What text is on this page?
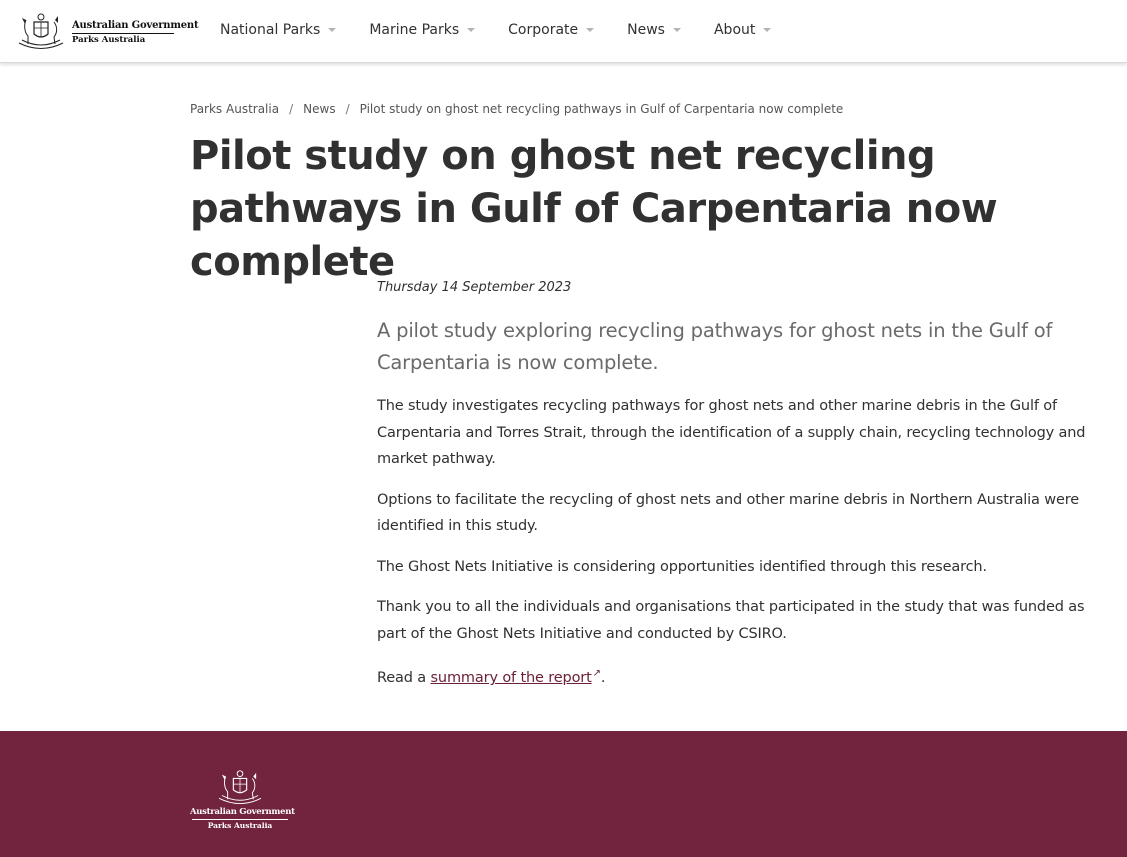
Australian Government
Parks Australia
National Parks	Marine Parks	Corporate	News	About
Parks Australia / News / Pilot study on ghost net recycling pathways in Gulf of Carpentaria now complete
Pilot study on ghost net recycling pathways in Gulf of Carpentaria now complete

Thursday 14 September 2023

A pilot study exploring recycling pathways for ghost nets in the Gulf of Carpentaria is now complete.

The study investigates recycling pathways for ghost nets and other marine debris in the Gulf of Carpentaria and Torres Strait, through the identification of a supply chain, recycling technology and market pathway.

Options to facilitate the recycling of ghost nets and other marine debris in Northern Australia were identified in this study.

The Ghost Nets Initiative is considering opportunities identified through this research.

Thank you to all the individuals and organisations that participated in the study that was funded as part of the Ghost Nets Initiative and conducted by CSIRO.

Read a summary of the report↗.

Australian Government
Parks Australia
